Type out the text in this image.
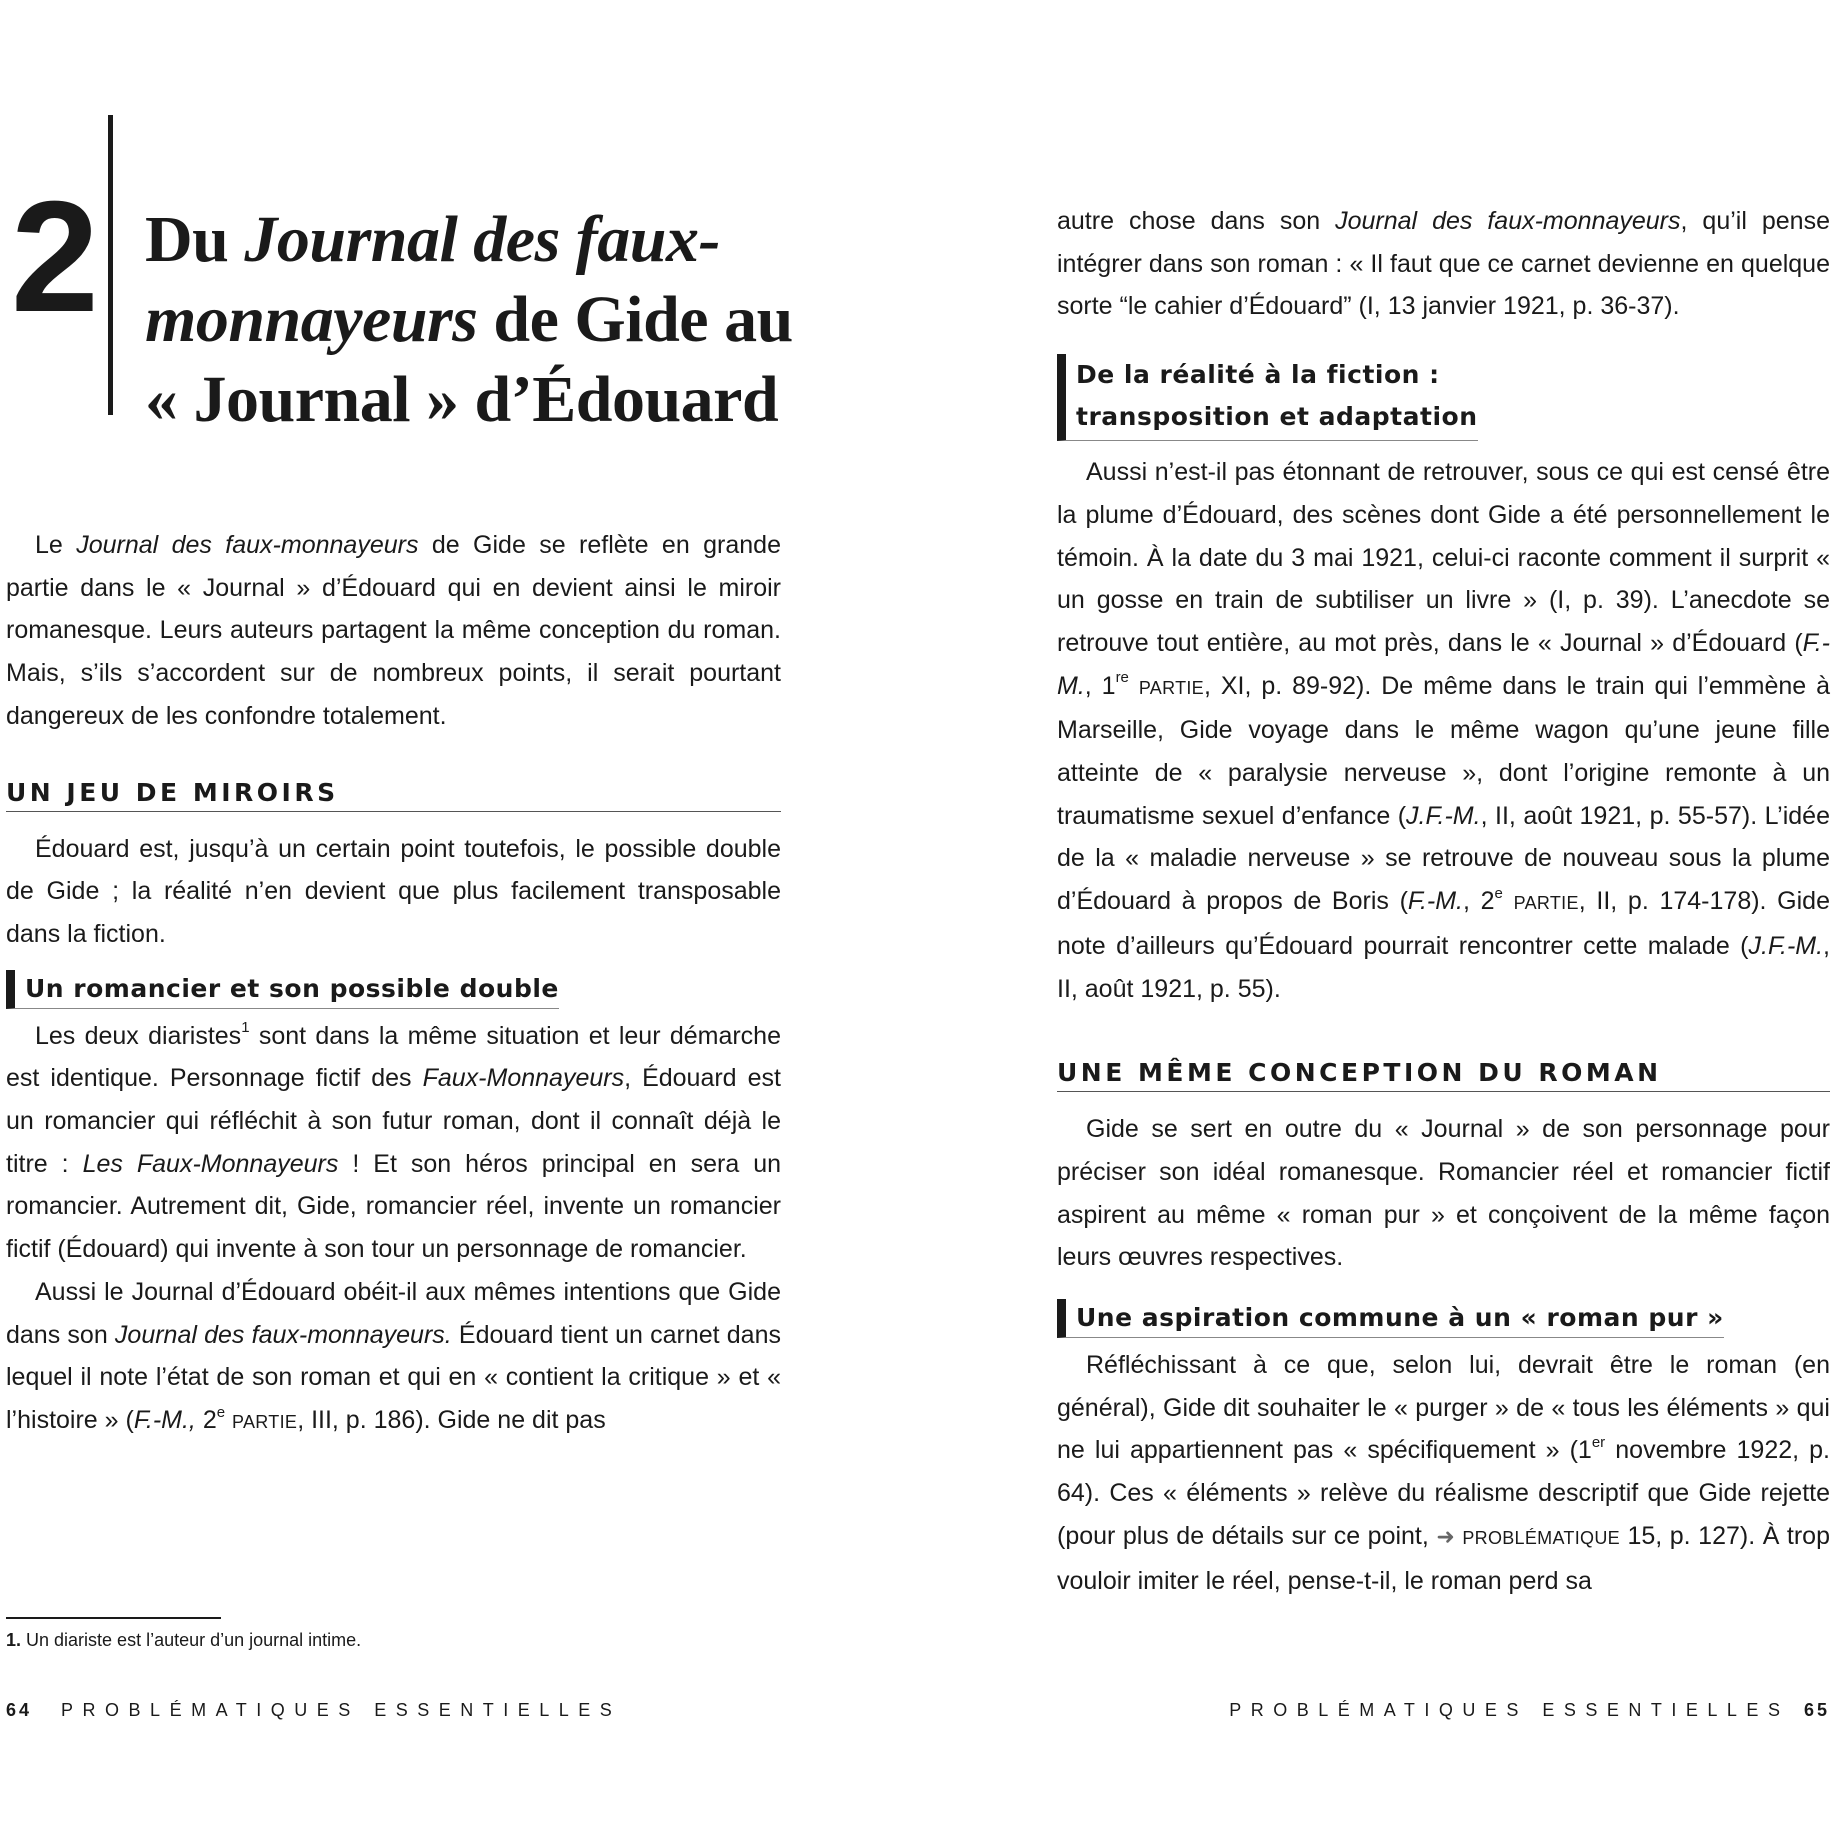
2 Du Journal des faux-
monnayeurs de Gide au
« Journal » d’Édouard

Le Journal des faux-monnayeurs de Gide se reflète en grande partie dans le « Journal » d’Édouard qui en devient ainsi le miroir romanesque. Leurs auteurs partagent la même conception du roman. Mais, s’ils s’accordent sur de nombreux points, il serait pourtant dangereux de les confondre totalement.

UN JEU DE MIROIRS

Édouard est, jusqu’à un certain point toutefois, le possible double de Gide ; la réalité n’en devient que plus facilement transposable dans la fiction.

Un romancier et son possible double

Les deux diaristes$^1$ sont dans la même situation et leur démarche est identique. Personnage fictif des Faux-Monnayeurs, Édouard est un romancier qui réfléchit à son futur roman, dont il connaît déjà le titre : Les Faux-Monnayeurs ! Et son héros principal en sera un romancier. Autrement dit, Gide, romancier réel, invente un romancier fictif (Édouard) qui invente à son tour un personnage de romancier.

Aussi le Journal d’Édouard obéit-il aux mêmes intentions que Gide dans son Journal des faux-monnayeurs. Édouard tient un carnet dans lequel il note l’état de son roman et qui en « contient la critique » et « l’histoire » (F.-M., 2e PARTIE, III, p. 186). Gide ne dit pas

1. Un diariste est l’auteur d’un journal intime.

64 PROBLÉMATIQUES ESSENTIELLES

autre chose dans son Journal des faux-monnayeurs, qu’il pense intégrer dans son roman : « Il faut que ce carnet devienne en quelque sorte “le cahier d’Édouard” (I, 13 janvier 1921, p. 36-37).

De la réalité à la fiction :
transposition et adaptation

Aussi n’est-il pas étonnant de retrouver, sous ce qui est censé être la plume d’Édouard, des scènes dont Gide a été personnellement le témoin. À la date du 3 mai 1921, celui-ci raconte comment il surprit « un gosse en train de subtiliser un livre » (I, p. 39). L’anecdote se retrouve tout entière, au mot près, dans le « Journal » d’Édouard (F.-M., 1re PARTIE, XI, p. 89-92). De même dans le train qui l’emmène à Marseille, Gide voyage dans le même wagon qu’une jeune fille atteinte de « paralysie nerveuse », dont l’origine remonte à un traumatisme sexuel d’enfance (J.F.-M., II, août 1921, p. 55-57). L’idée de la « maladie nerveuse » se retrouve de nouveau sous la plume d’Édouard à propos de Boris (F.-M., 2e PARTIE, II, p. 174-178). Gide note d’ailleurs qu’Édouard pourrait rencontrer cette malade (J.F.-M., II, août 1921, p. 55).

UNE MÊME CONCEPTION DU ROMAN

Gide se sert en outre du « Journal » de son personnage pour préciser son idéal romanesque. Romancier réel et romancier fictif aspirent au même « roman pur » et conçoivent de la même façon leurs œuvres respectives.

Une aspiration commune à un « roman pur »

Réfléchissant à ce que, selon lui, devrait être le roman (en général), Gide dit souhaiter le « purger » de « tous les éléments » qui ne lui appartiennent pas « spécifiquement » (1er novembre 1922, p. 64). Ces « éléments » relève du réalisme descriptif que Gide rejette (pour plus de détails sur ce point, ➜ PROBLÉMATIQUE 15, p. 127). À trop vouloir imiter le réel, pense-t-il, le roman perd sa

PROBLÉMATIQUES ESSENTIELLES 65
